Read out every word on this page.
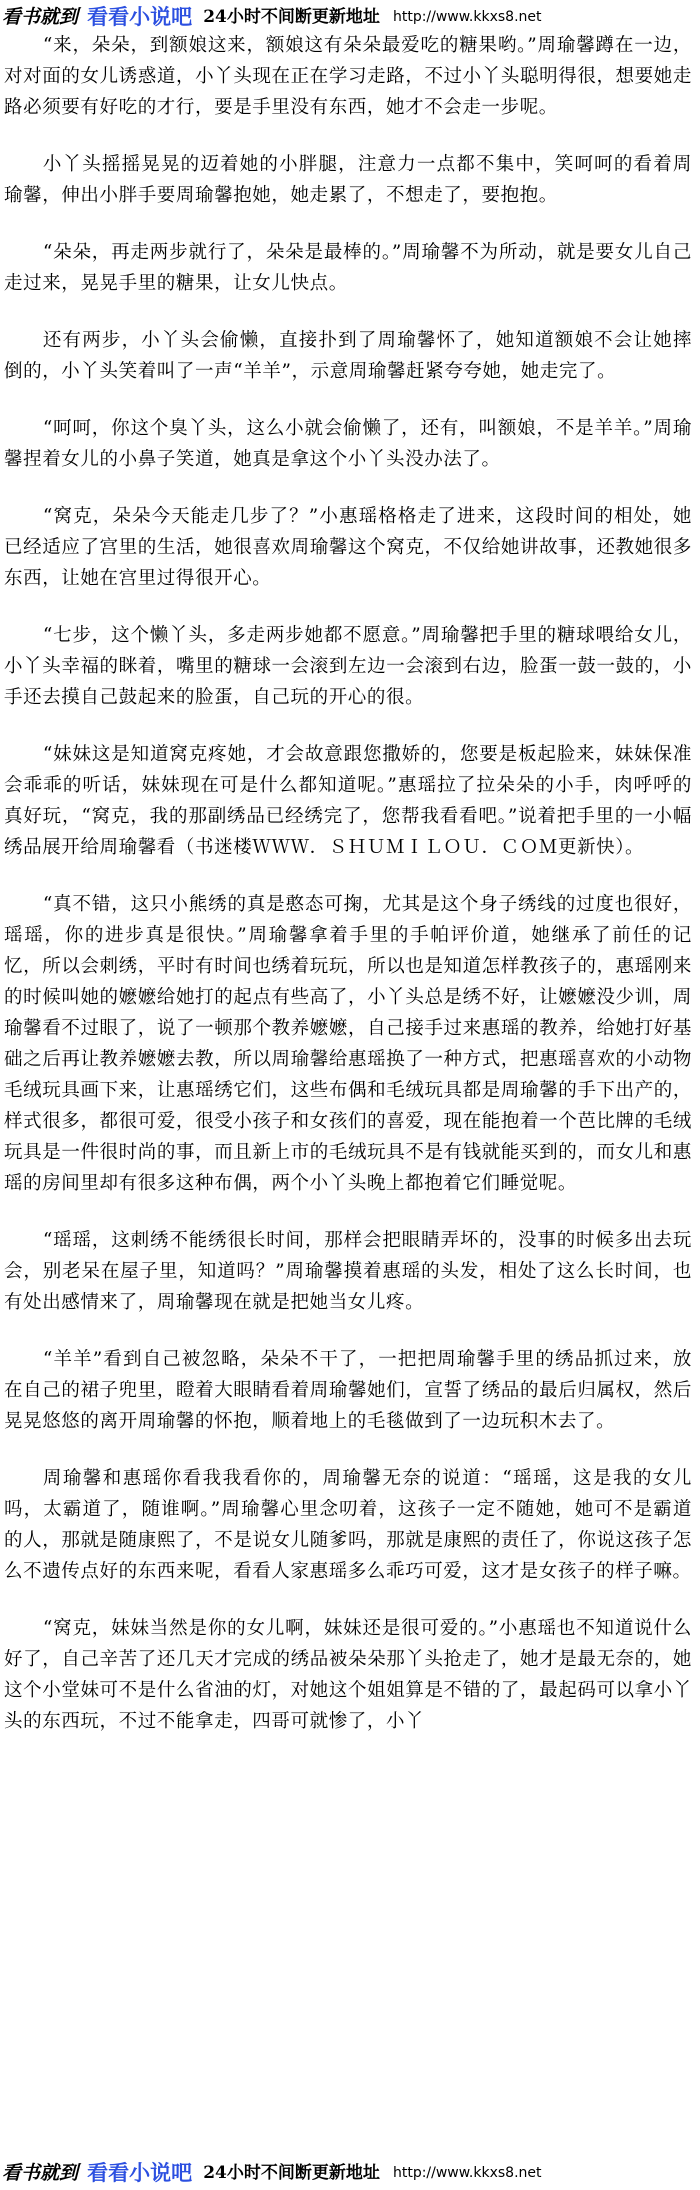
看书就到 看看小说吧 24小时不间断更新地址 http://www.kkxs8.net

“来，朵朵，到额娘这来，额娘这有朵朵最爱吃的糖果哟。”周瑜馨蹲在一边，对对面的女儿诱惑道，小丫头现在正在学习走路，不过小丫头聪明得很，想要她走路必须要有好吃的才行，要是手里没有东西，她才不会走一步呢。

小丫头摇摇晃晃的迈着她的小胖腿，注意力一点都不集中，笑呵呵的看着周瑜馨，伸出小胖手要周瑜馨抱她，她走累了，不想走了，要抱抱。

“朵朵，再走两步就行了，朵朵是最棒的。”周瑜馨不为所动，就是要女儿自己走过来，晃晃手里的糖果，让女儿快点。

还有两步，小丫头会偷懒，直接扑到了周瑜馨怀了，她知道额娘不会让她摔倒的，小丫头笑着叫了一声“羊羊”，示意周瑜馨赶紧夸夸她，她走完了。

“呵呵，你这个臭丫头，这么小就会偷懒了，还有，叫额娘，不是羊羊。”周瑜馨捏着女儿的小鼻子笑道，她真是拿这个小丫头没办法了。

“窝克，朵朵今天能走几步了？”小惠瑶格格走了进来，这段时间的相处，她已经适应了宫里的生活，她很喜欢周瑜馨这个窝克，不仅给她讲故事，还教她很多东西，让她在宫里过得很开心。

“七步，这个懒丫头，多走两步她都不愿意。”周瑜馨把手里的糖球喂给女儿，小丫头幸福的眯着，嘴里的糖球一会滚到左边一会滚到右边，脸蛋一鼓一鼓的，小手还去摸自己鼓起来的脸蛋，自己玩的开心的很。

“妹妹这是知道窝克疼她，才会故意跟您撒娇的，您要是板起脸来，妹妹保准会乖乖的听话，妹妹现在可是什么都知道呢。”惠瑶拉了拉朵朵的小手，肉呼呼的真好玩，“窝克，我的那副绣品已经绣完了，您帮我看看吧。”说着把手里的一小幅绣品展开给周瑜馨看（书迷楼ＷＷＷ．ＳＨＵＭＩＬＯＵ．ＣＯＭ更新快）。

“真不错，这只小熊绣的真是憨态可掬，尤其是这个身子绣线的过度也很好，瑶瑶，你的进步真是很快。”周瑜馨拿着手里的手帕评价道，她继承了前任的记忆，所以会刺绣，平时有时间也绣着玩玩，所以也是知道怎样教孩子的，惠瑶刚来的时候叫她的嬷嬷给她打的起点有些高了，小丫头总是绣不好，让嬷嬷没少训，周瑜馨看不过眼了，说了一顿那个教养嬷嬷，自己接手过来惠瑶的教养，给她打好基础之后再让教养嬷嬷去教，所以周瑜馨给惠瑶换了一种方式，把惠瑶喜欢的小动物毛绒玩具画下来，让惠瑶绣它们，这些布偶和毛绒玩具都是周瑜馨的手下出产的，样式很多，都很可爱，很受小孩子和女孩们的喜爱，现在能抱着一个芭比牌的毛绒玩具是一件很时尚的事，而且新上市的毛绒玩具不是有钱就能买到的，而女儿和惠瑶的房间里却有很多这种布偶，两个小丫头晚上都抱着它们睡觉呢。

“瑶瑶，这刺绣不能绣很长时间，那样会把眼睛弄坏的，没事的时候多出去玩会，别老呆在屋子里，知道吗？”周瑜馨摸着惠瑶的头发，相处了这么长时间，也有处出感情来了，周瑜馨现在就是把她当女儿疼。

“羊羊”看到自己被忽略，朵朵不干了，一把把周瑜馨手里的绣品抓过来，放在自己的裙子兜里，瞪着大眼睛看着周瑜馨她们，宣誓了绣品的最后归属权，然后晃晃悠悠的离开周瑜馨的怀抱，顺着地上的毛毯做到了一边玩积木去了。

周瑜馨和惠瑶你看我我看你的，周瑜馨无奈的说道：“瑶瑶，这是我的女儿吗，太霸道了，随谁啊。”周瑜馨心里念叨着，这孩子一定不随她，她可不是霸道的人，那就是随康熙了，不是说女儿随爹吗，那就是康熙的责任了，你说这孩子怎么不遗传点好的东西来呢，看看人家惠瑶多么乖巧可爱，这才是女孩子的样子嘛。

“窝克，妹妹当然是你的女儿啊，妹妹还是很可爱的。”小惠瑶也不知道说什么好了，自己辛苦了还几天才完成的绣品被朵朵那丫头抢走了，她才是最无奈的，她这个小堂妹可不是什么省油的灯，对她这个姐姐算是不错的了，最起码可以拿小丫头的东西玩，不过不能拿走，四哥可就惨了，小丫

看书就到 看看小说吧 24小时不间断更新地址 http://www.kkxs8.net
